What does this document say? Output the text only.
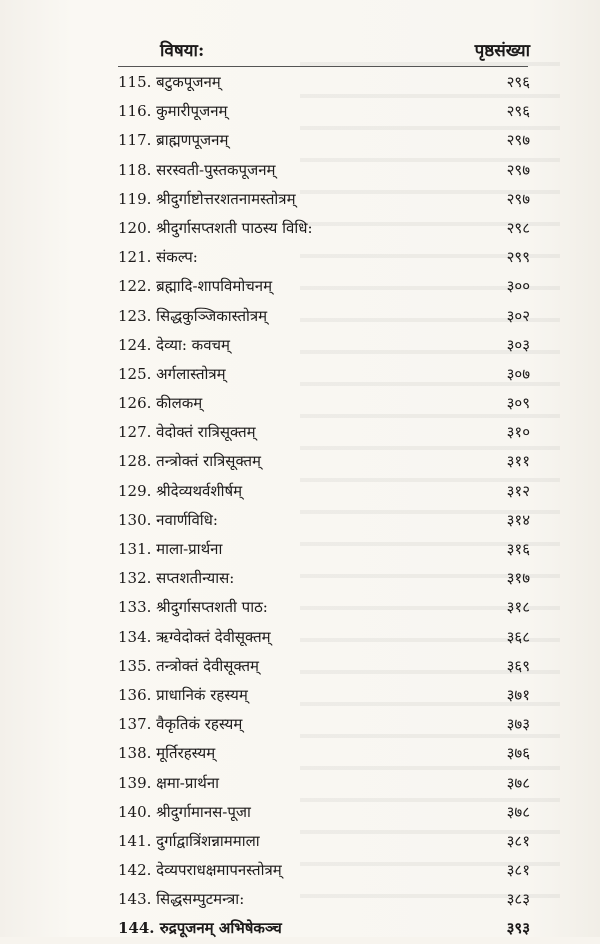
विषया:	पृष्ठसंख्या
115. बटुकपूजनम्	२९६
116. कुमारीपूजनम्	२९६
117. ब्राह्मणपूजनम्	२९७
118. सरस्वती-पुस्तकपूजनम्	२९७
119. श्रीदुर्गाष्टोत्तरशतनामस्तोत्रम्	२९७
120. श्रीदुर्गासप्तशती पाठस्य विधि:	२९८
121. संकल्प:	२९९
122. ब्रह्मादि-शापविमोचनम्	३००
123. सिद्धकुञ्जिकास्तोत्रम्	३०२
124. देव्या: कवचम्	३०३
125. अर्गलास्तोत्रम्	३०७
126. कीलकम्	३०९
127. वेदोक्तं रात्रिसूक्तम्	३१०
128. तन्त्रोक्तं रात्रिसूक्तम्	३११
129. श्रीदेव्यथर्वशीर्षम्	३१२
130. नवार्णविधि:	३१४
131. माला-प्रार्थना	३१६
132. सप्तशतीन्यास:	३१७
133. श्रीदुर्गासप्तशती पाठ:	३१८
134. ऋग्वेदोक्तं देवीसूक्तम्	३६८
135. तन्त्रोक्तं देवीसूक्तम्	३६९
136. प्राधानिकं रहस्यम्	३७१
137. वैकृतिकं रहस्यम्	३७३
138. मूर्तिरहस्यम्	३७६
139. क्षमा-प्रार्थना	३७८
140. श्रीदुर्गामानस-पूजा	३७८
141. दुर्गाद्वात्रिंशन्नाममाला	३८१
142. देव्यपराधक्षमापनस्तोत्रम्	३८१
143. सिद्धसम्पुटमन्त्रा:	३८३
144. रुद्रपूजनम् अभिषेकञ्च	३९३
